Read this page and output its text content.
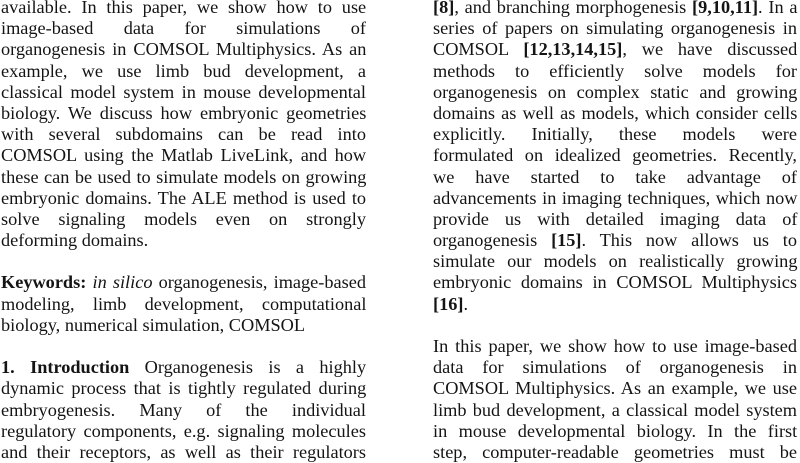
available. In this paper, we show how to use
image-based data for simulations of
organogenesis in COMSOL Multiphysics. As an
example, we use limb bud development, a
classical model system in mouse developmental
biology. We discuss how embryonic geometries
with several subdomains can be read into
COMSOL using the Matlab LiveLink, and how
these can be used to simulate models on growing
embryonic domains. The ALE method is used to
solve signaling models even on strongly
deforming domains.

Keywords: in silico organogenesis, image-based
modeling, limb development, computational
biology, numerical simulation, COMSOL

1. Introduction Organogenesis is a highly
dynamic process that is tightly regulated during
embryogenesis. Many of the individual
regulatory components, e.g. signaling molecules
and their receptors, as well as their regulators
[8], and branching morphogenesis [9,10,11]. In a
series of papers on simulating organogenesis in
COMSOL [12,13,14,15], we have discussed
methods to efficiently solve models for
organogenesis on complex static and growing
domains as well as models, which consider cells
explicitly. Initially, these models were
formulated on idealized geometries. Recently,
we have started to take advantage of
advancements in imaging techniques, which now
provide us with detailed imaging data of
organogenesis [15]. This now allows us to
simulate our models on realistically growing
embryonic domains in COMSOL Multiphysics
[16].

In this paper, we show how to use image-based
data for simulations of organogenesis in
COMSOL Multiphysics. As an example, we use
limb bud development, a classical model system
in mouse developmental biology. In the first
step, computer-readable geometries must be
